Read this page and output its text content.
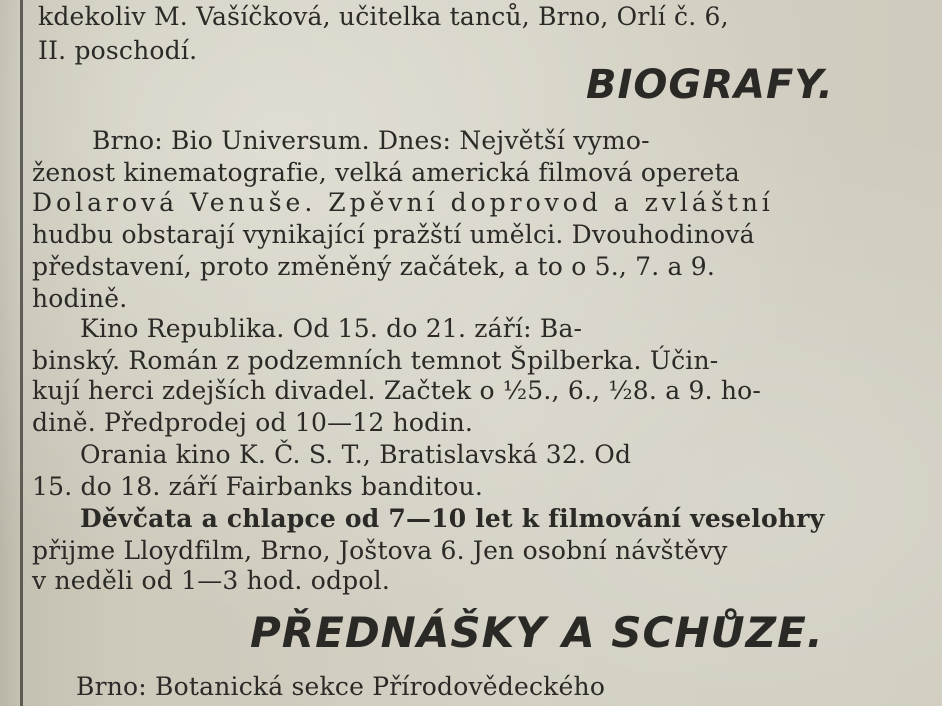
kdekoliv M. Vašíčková, učitelka tanců, Brno, Orlí č. 6,
II. poschodí.
BIOGRAFY.
Brno: Bio Universum. Dnes: Největší vymo-
ženost kinematografie, velká americká filmová opereta
Dolarová Venuše. Zpěvní doprovod a zvláštní
hudbu obstarají vynikající pražští umělci. Dvouhodinová
představení, proto změněný začátek, a to o 5., 7. a 9.
hodině.
Kino Republika. Od 15. do 21. září: Ba-
binský. Román z podzemních temnot Špilberka. Účin-
kují herci zdejších divadel. Začtek o ½5., 6., ½8. a 9. ho-
dině. Předprodej od 10—12 hodin.
Orania kino K. Č. S. T., Bratislavská 32. Od
15. do 18. září Fairbanks banditou.
Děvčata a chlapce od 7—10 let k filmování veselohry
přijme Lloydfilm, Brno, Joštova 6. Jen osobní návštěvy
v neděli od 1—3 hod. odpol.
PŘEDNÁŠKY A SCHŮZE.
Brno: Botanická sekce Přírodovědeckého
